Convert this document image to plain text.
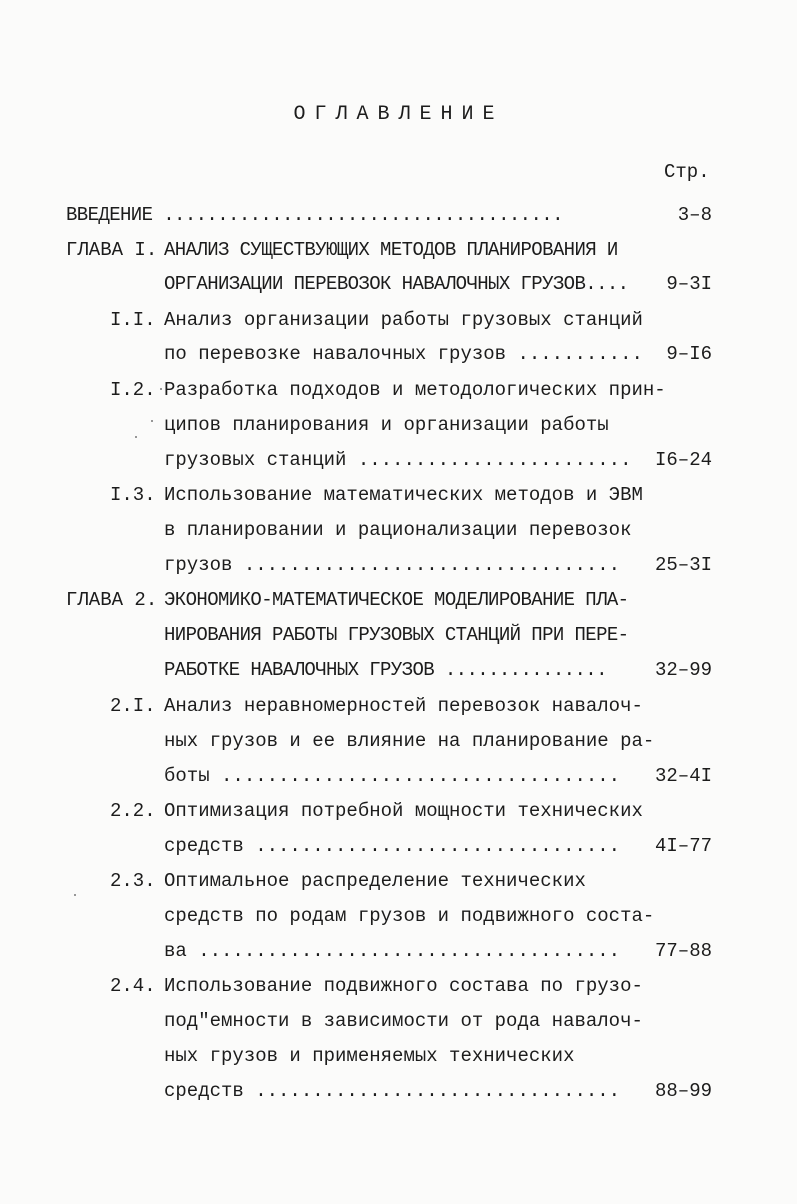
ОГЛАВЛЕНИЕ
Стр.
ВВЕДЕНИЕ .....................................	3–8
ГЛАВА I. АНАЛИЗ СУЩЕСТВУЮЩИХ МЕТОДОВ ПЛАНИРОВАНИЯ И
ОРГАНИЗАЦИИ ПЕРЕВОЗОК НАВАЛОЧНЫХ ГРУЗОВ....	9–3I
I.I. Анализ организации работы грузовых станций
по перевозке навалочных грузов ...........	9–I6
I.2. Разработка подходов и методологических прин-
ципов планирования и организации работы
грузовых станций ........................	I6–24
I.3. Использование математических методов и ЭВМ
в планировании и рационализации перевозок
грузов .................................	25–3I
ГЛАВА 2. ЭКОНОМИКО-МАТЕМАТИЧЕСКОЕ МОДЕЛИРОВАНИЕ ПЛА-
НИРОВАНИЯ РАБОТЫ ГРУЗОВЫХ СТАНЦИЙ ПРИ ПЕРЕ-
РАБОТКЕ НАВАЛОЧНЫХ ГРУЗОВ ...............	32–99
2.I. Анализ неравномерностей перевозок навалоч-
ных грузов и ее влияние на планирование ра-
боты ...................................	32–4I
2.2. Оптимизация потребной мощности технических
средств ................................	4I–77
2.3. Оптимальное распределение технических
средств по родам грузов и подвижного соста-
ва .....................................	77–88
2.4. Использование подвижного состава по грузо-
под"емности в зависимости от рода навалоч-
ных грузов и применяемых технических
средств ................................	88–99
